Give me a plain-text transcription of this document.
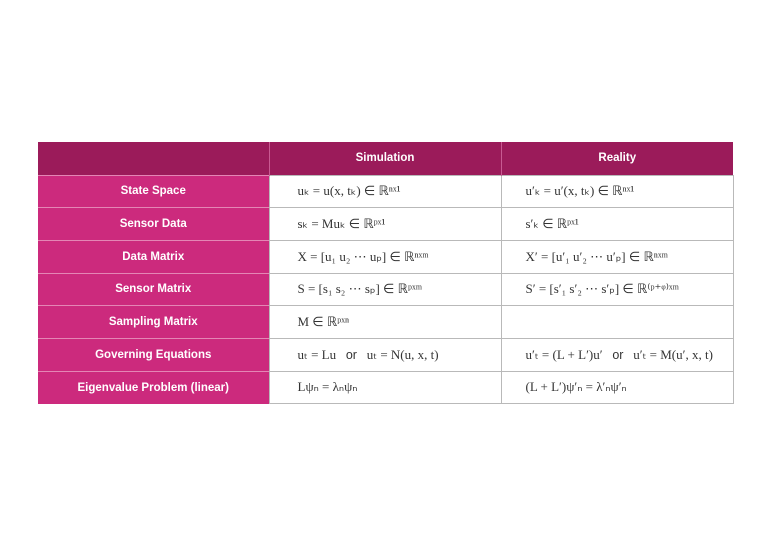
	Simulation	Reality
State Space	uₖ = u(x, tₖ) ∈ ℝⁿˣ¹	u′ₖ = u′(x, tₖ) ∈ ℝⁿˣ¹
Sensor Data	sₖ = Muₖ ∈ ℝᵖˣ¹	s′ₖ ∈ ℝᵖˣ¹
Data Matrix	X = [u₁ u₂ ⋯ uₚ] ∈ ℝⁿˣᵐ	X′ = [u′₁ u′₂ ⋯ u′ₚ] ∈ ℝⁿˣᵐ
Sensor Matrix	S = [s₁ s₂ ⋯ sₚ] ∈ ℝᵖˣᵐ	S′ = [s′₁ s′₂ ⋯ s′ₚ] ∈ ℝ⁽ᵖ⁺ᵠ⁾ˣᵐ
Sampling Matrix	M ∈ ℝᵖˣⁿ	
Governing Equations	uₜ = Lu or uₜ = N(u, x, t)	u′ₜ = (L + L′)u′ or u′ₜ = M(u′, x, t)
Eigenvalue Problem (linear)	Lψₙ = λₙψₙ	(L + L′)ψ′ₙ = λ′ₙψ′ₙ
